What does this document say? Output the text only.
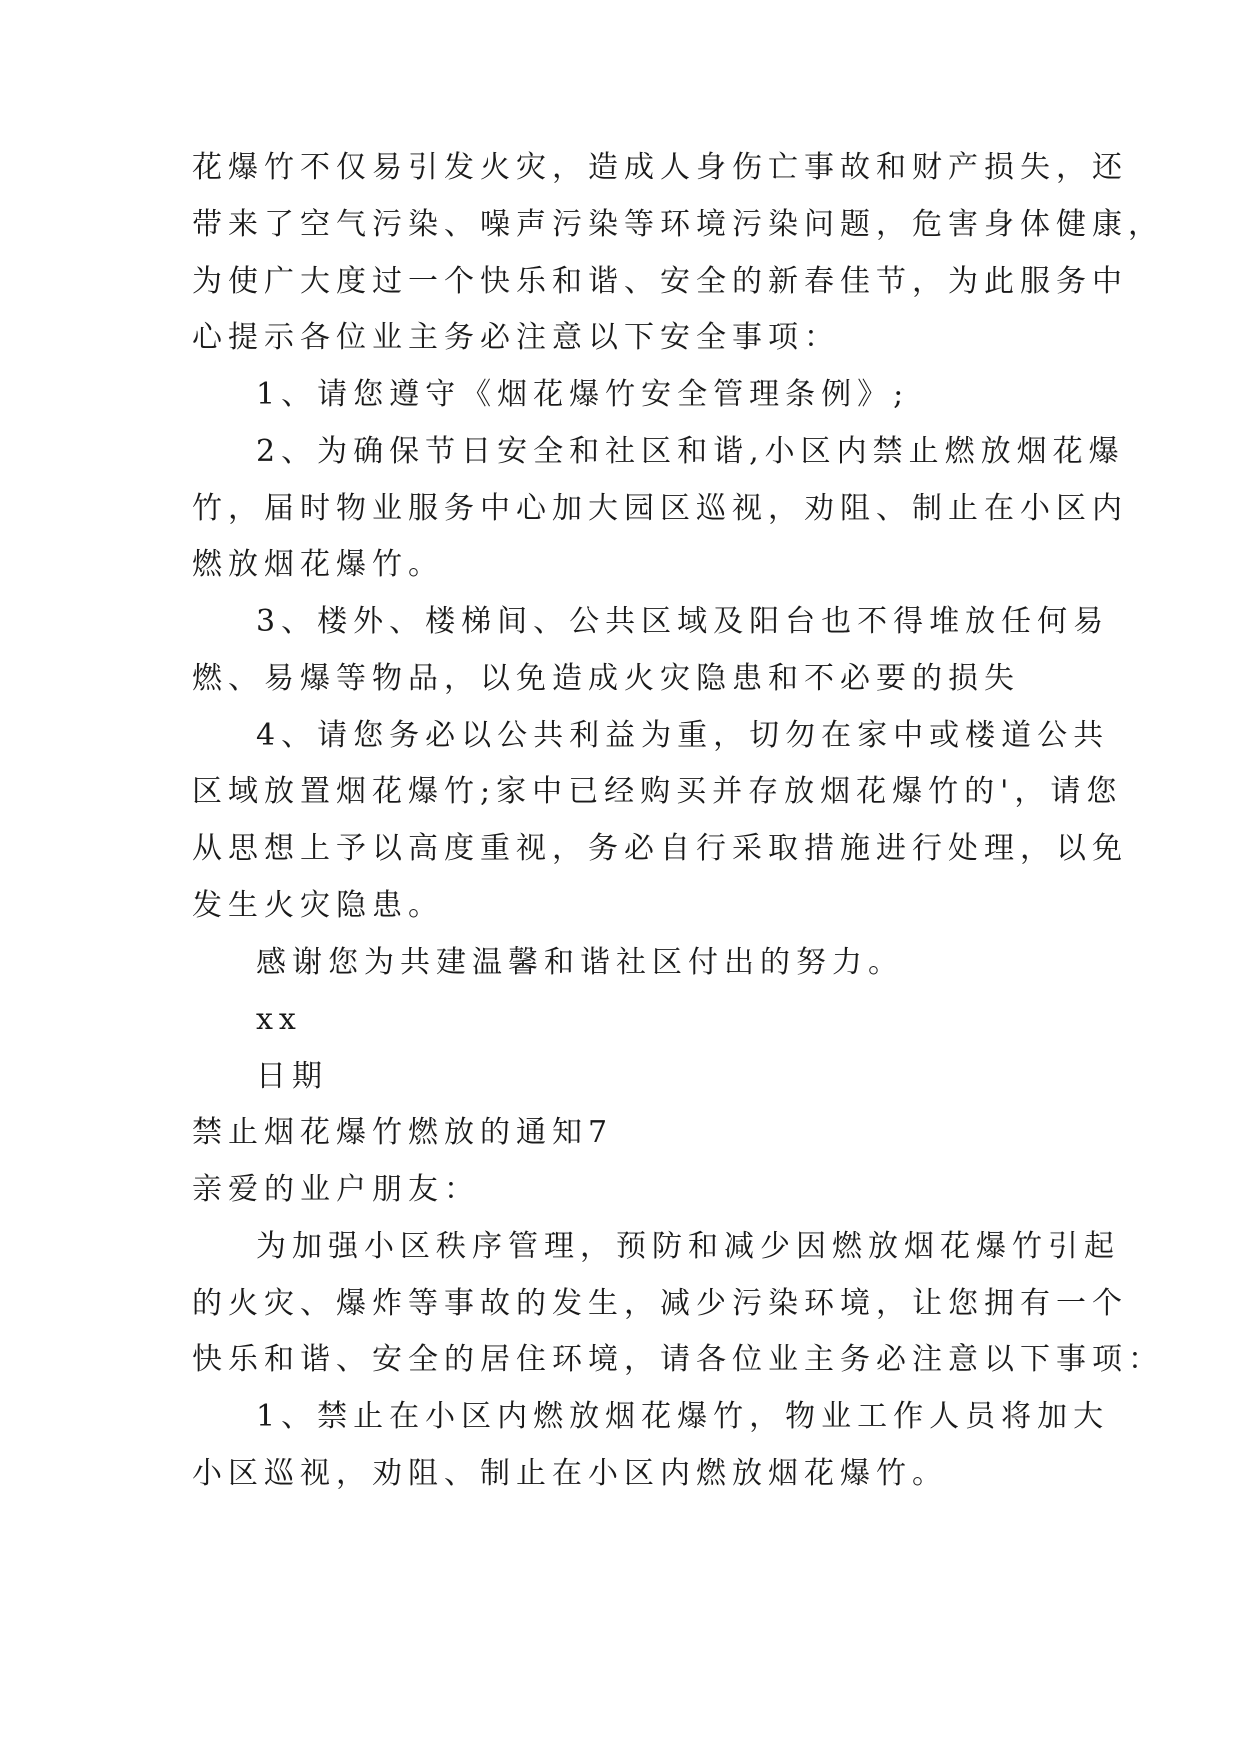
花爆竹不仅易引发火灾，造成人身伤亡事故和财产损失，还
带来了空气污染、噪声污染等环境污染问题，危害身体健康，
为使广大度过一个快乐和谐、安全的新春佳节，为此服务中
心提示各位业主务必注意以下安全事项：
1、请您遵守《烟花爆竹安全管理条例》;
2、为确保节日安全和社区和谐,小区内禁止燃放烟花爆
竹，届时物业服务中心加大园区巡视，劝阻、制止在小区内
燃放烟花爆竹。
3、楼外、楼梯间、公共区域及阳台也不得堆放任何易
燃、易爆等物品，以免造成火灾隐患和不必要的损失
4、请您务必以公共利益为重，切勿在家中或楼道公共
区域放置烟花爆竹;家中已经购买并存放烟花爆竹的'，请您
从思想上予以高度重视，务必自行采取措施进行处理，以免
发生火灾隐患。
感谢您为共建温馨和谐社区付出的努力。
xx
日期
禁止烟花爆竹燃放的通知7
亲爱的业户朋友：
为加强小区秩序管理，预防和减少因燃放烟花爆竹引起
的火灾、爆炸等事故的发生，减少污染环境，让您拥有一个
快乐和谐、安全的居住环境，请各位业主务必注意以下事项：
1、禁止在小区内燃放烟花爆竹，物业工作人员将加大
小区巡视，劝阻、制止在小区内燃放烟花爆竹。
